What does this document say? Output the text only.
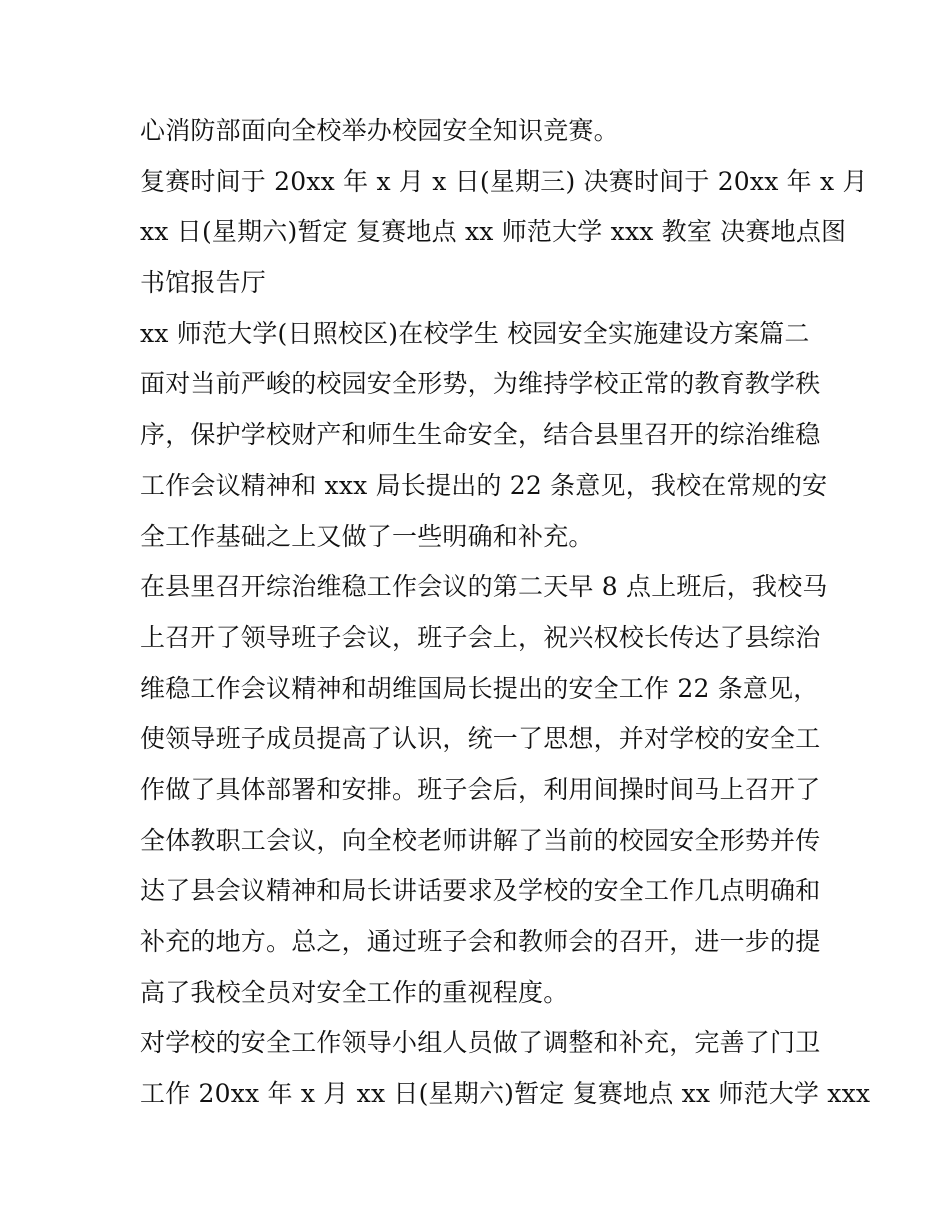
心消防部面向全校举办校园安全知识竞赛。
复赛时间于 20xx 年 x 月 x 日(星期三) 决赛时间于 20xx 年 x 月
xx 日(星期六)暂定 复赛地点 xx 师范大学 xxx 教室 决赛地点图
书馆报告厅
xx 师范大学(日照校区)在校学生 校园安全实施建设方案篇二
面对当前严峻的校园安全形势，为维持学校正常的教育教学秩
序，保护学校财产和师生生命安全，结合县里召开的综治维稳
工作会议精神和 xxx 局长提出的 22 条意见，我校在常规的安
全工作基础之上又做了一些明确和补充。
在县里召开综治维稳工作会议的第二天早 8 点上班后，我校马
上召开了领导班子会议，班子会上，祝兴权校长传达了县综治
维稳工作会议精神和胡维国局长提出的安全工作 22 条意见，
使领导班子成员提高了认识，统一了思想，并对学校的安全工
作做了具体部署和安排。班子会后，利用间操时间马上召开了
全体教职工会议，向全校老师讲解了当前的校园安全形势并传
达了县会议精神和局长讲话要求及学校的安全工作几点明确和
补充的地方。总之，通过班子会和教师会的召开，进一步的提
高了我校全员对安全工作的重视程度。
对学校的安全工作领导小组人员做了调整和补充，完善了门卫
工作 20xx 年 x 月 xx 日(星期六)暂定 复赛地点 xx 师范大学 xxx
